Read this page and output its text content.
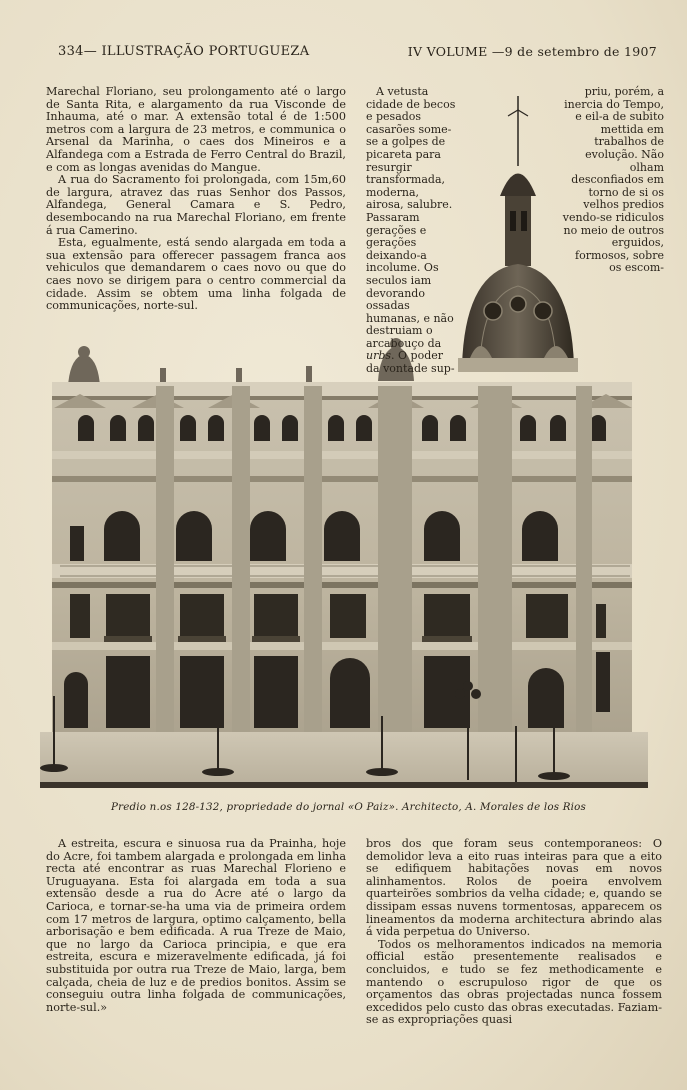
334— ILLUSTRAÇÃO PORTUGUEZA	IV VOLUME —9 de setembro de 1907

Marechal Floriano, seu prolongamento até o largo de Santa Rita, e alargamento da rua Visconde de Inhauma, até o mar. A extensão total é de 1:500 metros com a largura de 23 metros, e communica o Arsenal da Marinha, o caes dos Mineiros e a Alfandega com a Estrada de Ferro Central do Brazil, e com as longas avenidas do Mangue.

A rua do Sacramento foi prolongada, com 15m,60 de largura, atravez das ruas Senhor dos Passos, Alfandega, General Camara e S. Pedro, desembocando na rua Marechal Floriano, em frente á rua Camerino.

Esta, egualmente, está sendo alargada em toda a sua extensão para offerecer passagem franca aos vehiculos que demandarem o caes novo ou que do caes novo se dirigem para o centro commercial da cidade. Assim se obtem uma linha folgada de communicações, norte-sul.

A vetusta cidade de becos e pesados casarões some-se a golpes de picareta para resurgir transformada, moderna, airosa, salubre. Passaram gerações e gerações deixando-a incolume. Os seculos iam devorando ossadas humanas, e não destruiam o arcabouço da urbs. O poder da vontade sup-

priu, porém, a inercia do Tempo, e eil-a de subito mettida em trabalhos de evolução. Não olham desconfiados em torno de si os velhos predios vendo-se ridiculos no meio de outros erguidos, formosos, sobre os escom-

Predio n.os 128-132, propriedade do jornal «O Paiz». Architecto, A. Morales de los Rios

A estreita, escura e sinuosa rua da Prainha, hoje do Acre, foi tambem alargada e prolongada em linha recta até encontrar as ruas Marechal Florieno e Uruguayana. Esta foi alargada em toda a sua extensão desde a rua do Acre até o largo da Carioca, e tornar-se-ha uma via de primeira ordem com 17 metros de largura, optimo calçamento, bella arborisação e bem edificada. A rua Treze de Maio, que no largo da Carioca principia, e que era estreita, escura e mizeravelmente edificada, já foi substituida por outra rua Treze de Maio, larga, bem calçada, cheia de luz e de predios bonitos. Assim se conseguiu outra linha folgada de communicações, norte-sul.»

bros dos que foram seus contemporaneos: O demolidor leva a eito ruas inteiras para que a eito se edifiquem habitações novas em novos alinhamentos. Rolos de poeira envolvem quarteirões sombrios da velha cidade; e, quando se dissipam essas nuvens tormentosas, apparecem os lineamentos da moderna architectura abrindo alas á vida perpetua do Universo.

Todos os melhoramentos indicados na memoria official estão presentemente realisados e concluidos, e tudo se fez methodicamente e mantendo o escrupuloso rigor de que os orçamentos das obras projectadas nunca fossem excedidos pelo custo das obras executadas. Faziam-se as expropriações quasi
